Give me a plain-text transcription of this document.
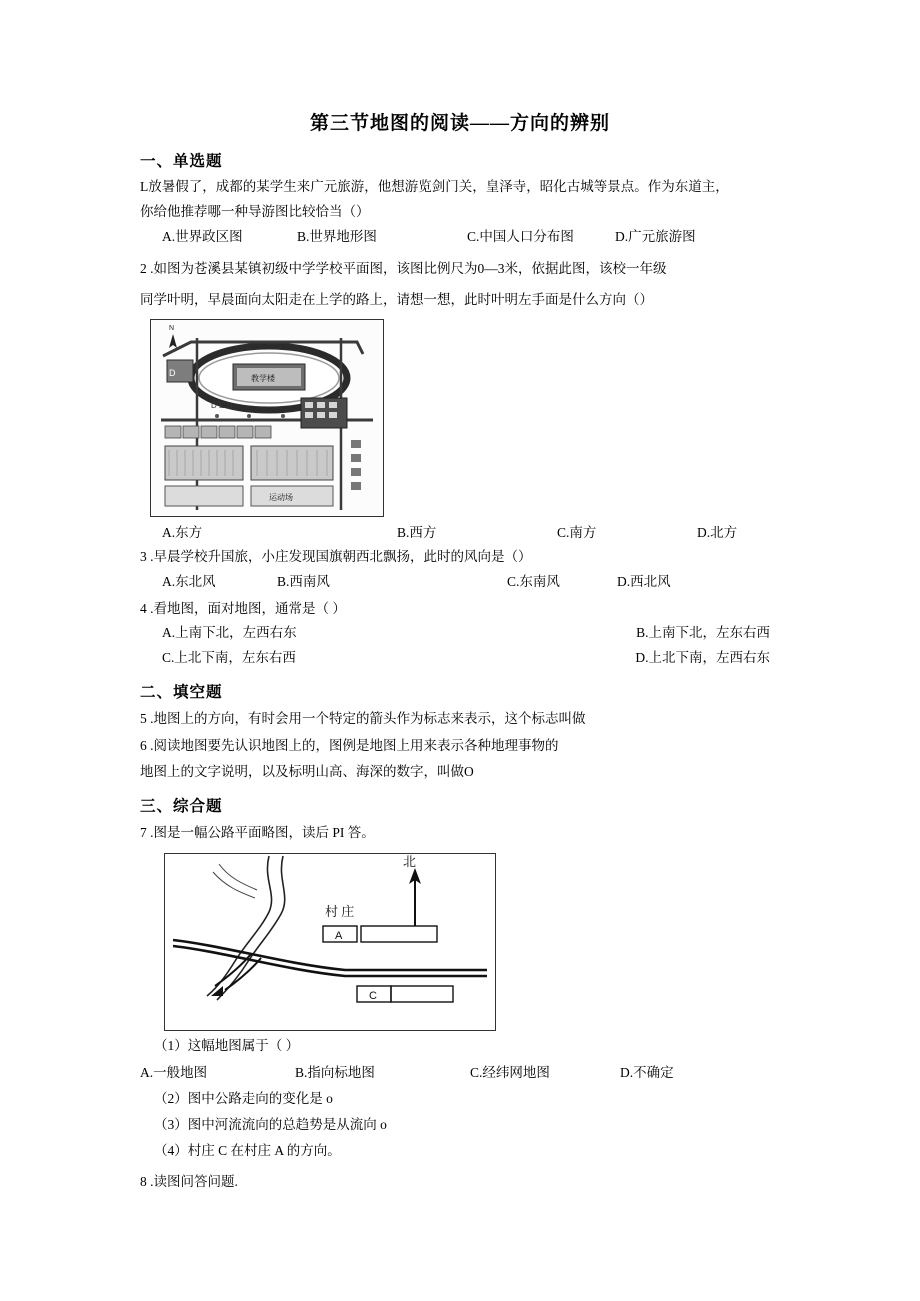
第三节地图的阅读——方向的辨别
一、单选题
L放暑假了，成都的某学生来广元旅游，他想游览剑门关，皇泽寺，昭化古城等景点。作为东道主，
你给他推荐哪一种导游图比较恰当（）
A.世界政区图	B.世界地形图	C.中国人口分布图	D.广元旅游图
2 .如图为苍溪县某镇初级中学学校平面图，该图比例尺为0—3米，依据此图，该校一年级
同学叶明，早晨面向太阳走在上学的路上，请想一想，此时叶明左手面是什么方向（）
N
教学楼
D
D E D
运动场
A.东方	B.西方	C.南方	D.北方
3 .早晨学校升国旅，小庄发现国旗朝西北飘扬，此时的风向是（）
A.东北风	B.西南风	C.东南风	D.西北风
4 .看地图，面对地图，通常是（ ）
A.上南下北，左西右东	B.上南下北，左东右西
C.上北下南，左东右西	D.上北下南，左西右东
二、填空题
5 .地图上的方向，有时会用一个特定的箭头作为标志来表示，这个标志叫做
6 .阅读地图要先认识地图上的，图例是地图上用来表示各种地理事物的
地图上的文字说明，以及标明山高、海深的数字，叫做O
三、综合题
7 .图是一幅公路平面略图，读后 PI 答。
北
村 庄
A
C
（1）这幅地图属于（ ）
A.一般地图	B.指向标地图	C.经纬网地图	D.不确定
（2）图中公路走向的变化是 o
（3）图中河流流向的总趋势是从流向 o
（4）村庄 C 在村庄 A 的方向。
8 .读图问答问题.
